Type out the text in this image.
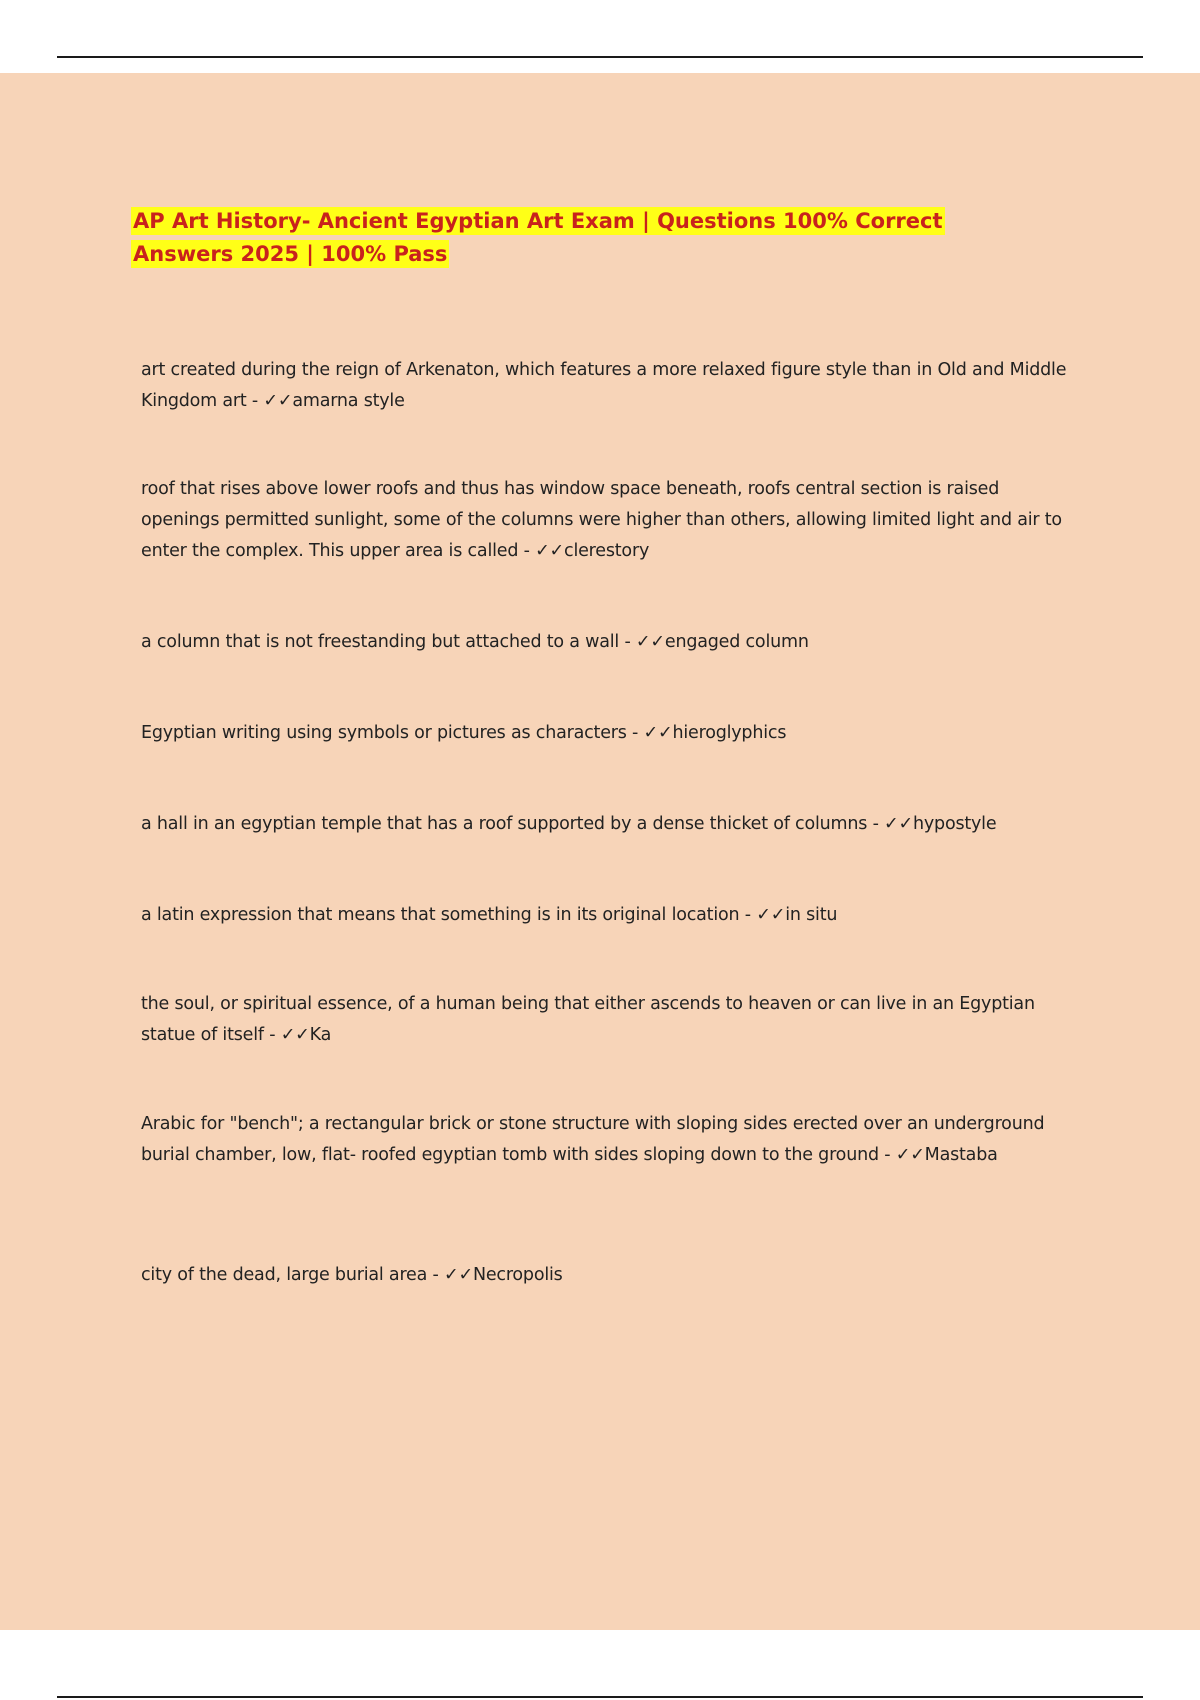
AP Art History- Ancient Egyptian Art Exam | Questions 100% Correct Answers 2025 | 100% Pass
art created during the reign of Arkenaton, which features a more relaxed figure style than in Old and Middle Kingdom art - ✓✓amarna style
roof that rises above lower roofs and thus has window space beneath, roofs central section is raised openings permitted sunlight, some of the columns were higher than others, allowing limited light and air to enter the complex. This upper area is called - ✓✓clerestory
a column that is not freestanding but attached to a wall - ✓✓engaged column
Egyptian writing using symbols or pictures as characters - ✓✓hieroglyphics
a hall in an egyptian temple that has a roof supported by a dense thicket of columns - ✓✓hypostyle
a latin expression that means that something is in its original location - ✓✓in situ
the soul, or spiritual essence, of a human being that either ascends to heaven or can live in an Egyptian statue of itself - ✓✓Ka
Arabic for "bench"; a rectangular brick or stone structure with sloping sides erected over an underground burial chamber, low, flat- roofed egyptian tomb with sides sloping down to the ground - ✓✓Mastaba
city of the dead, large burial area - ✓✓Necropolis
